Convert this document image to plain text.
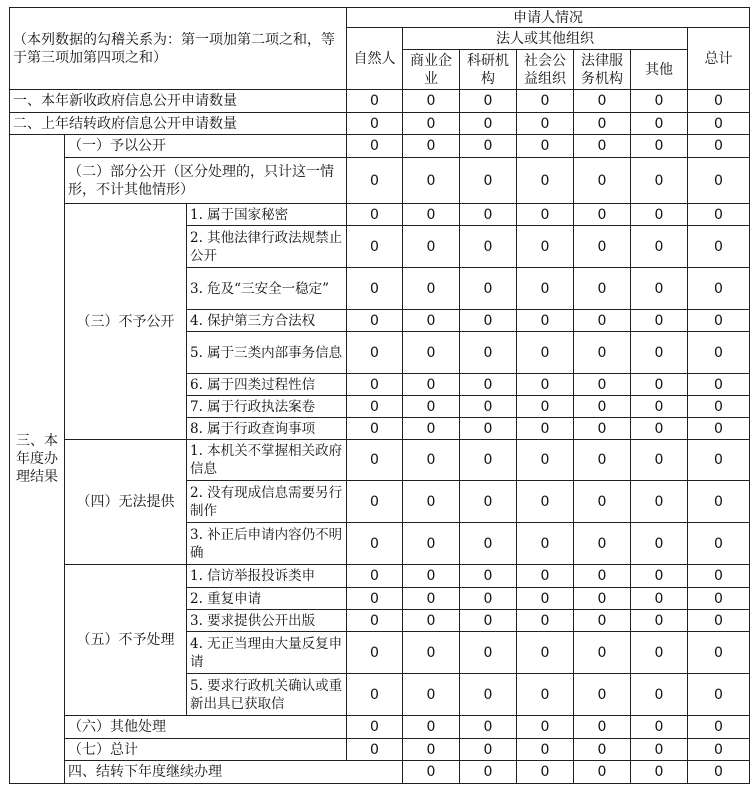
（本列数据的勾稽关系为：第一项加第二项之和，等于第三项加第四项之和）			申请人情况							
			自然人	法人或其他组织					总计	
				商业企业	科研机构	社会公益组织	法律服务机构	其他		
一、本年新收政府信息公开申请数量			0	0	0	0	0	0	0	
二、上年结转政府信息公开申请数量			0	0	0	0	0	0	0	
三、本年度办理结果	（一）予以公开		0	0	0	0	0	0	0	
	（二）部分公开（区分处理的，只计这一情形，不计其他情形）		0	0	0	0	0	0	0	
	（三）不予公开	1. 属于国家秘密	0	0	0	0	0	0	0	
		2. 其他法律行政法规禁止公开	0	0	0	0	0	0	0	
		3. 危及“三安全一稳定”	0	0	0	0	0	0	0	
		4. 保护第三方合法权	0	0	0	0	0	0	0	
		5. 属于三类内部事务信息	0	0	0	0	0	0	0	
		6. 属于四类过程性信	0	0	0	0	0	0	0	
		7. 属于行政执法案卷	0	0	0	0	0	0	0	
		8. 属于行政查询事项	0	0	0	0	0	0	0	
	（四）无法提供	1. 本机关不掌握相关政府信息	0	0	0	0	0	0	0	
		2. 没有现成信息需要另行制作	0	0	0	0	0	0	0	
		3. 补正后申请内容仍不明确	0	0	0	0	0	0	0	
	（五）不予处理	1. 信访举报投诉类申	0	0	0	0	0	0	0	
		2. 重复申请	0	0	0	0	0	0	0	
		3. 要求提供公开出版	0	0	0	0	0	0	0	
		4. 无正当理由大量反复申请	0	0	0	0	0	0	0	
		5. 要求行政机关确认或重新出具已获取信	0	0	0	0	0	0	0	
	（六）其他处理		0	0	0	0	0	0	0	
	（七）总计		0	0	0	0	0	0	0	
	四、结转下年度继续办理			0	0	0	0	0	0	
